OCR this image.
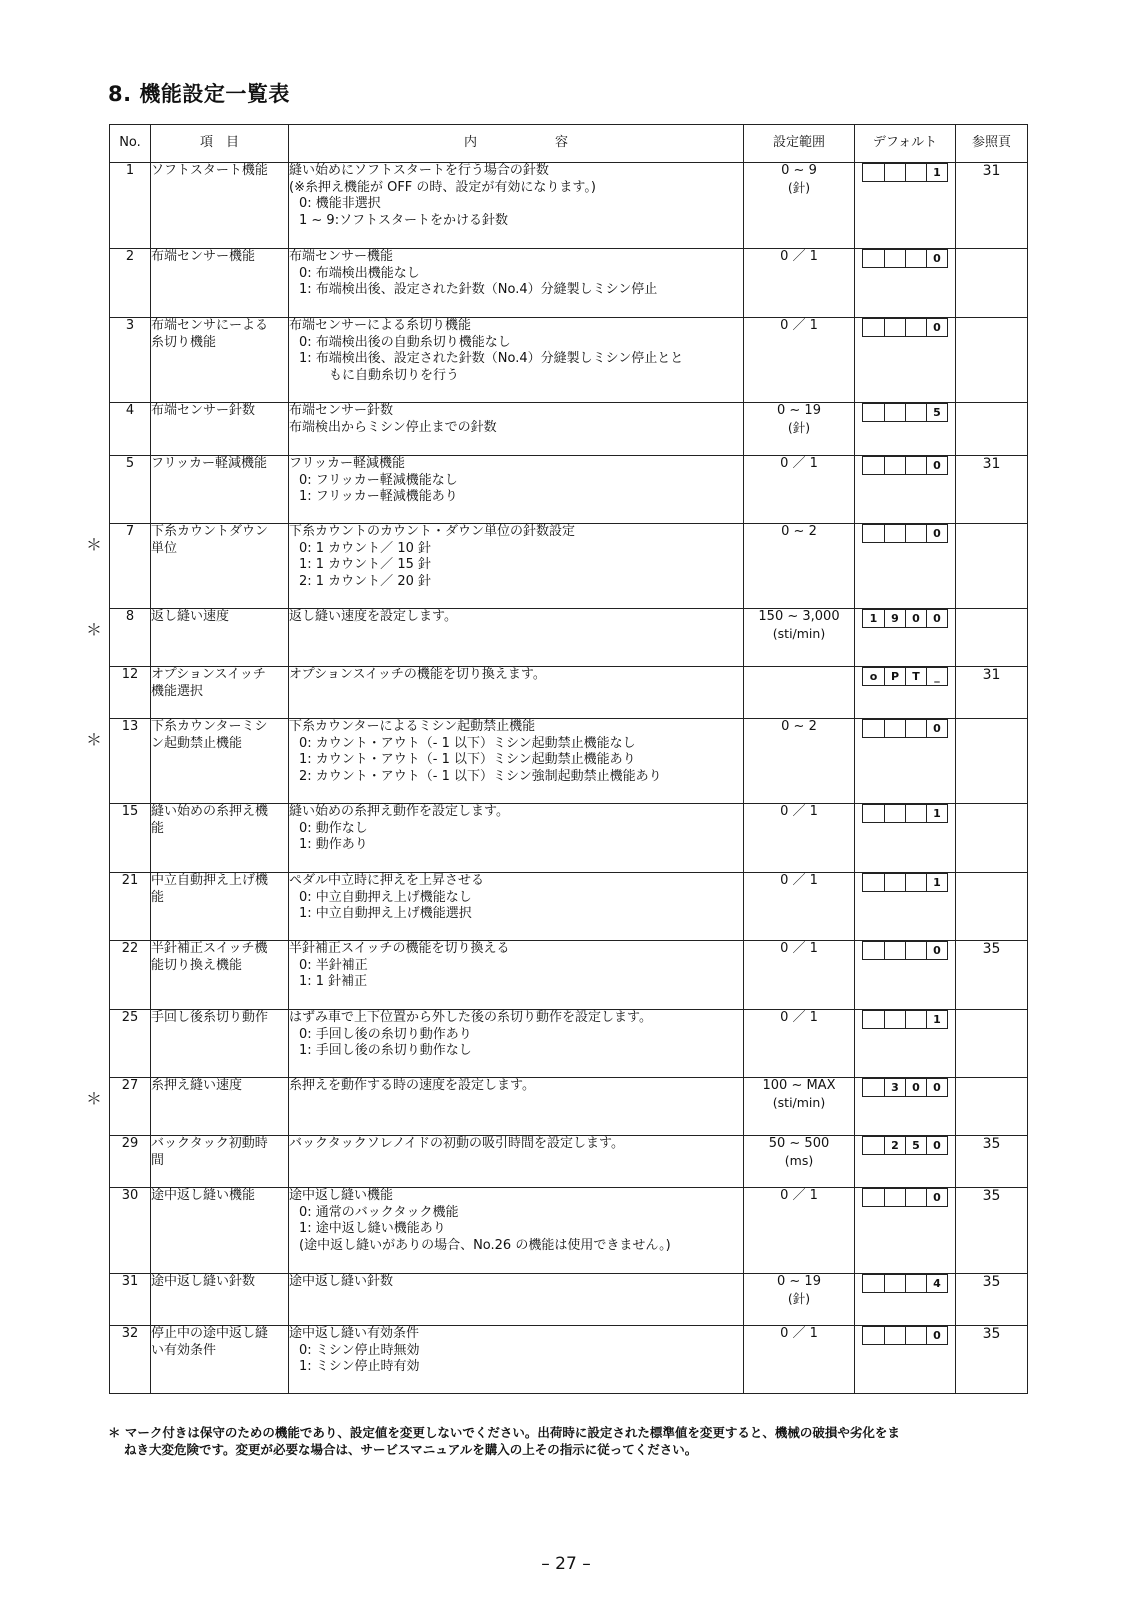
8. 機能設定一覧表
No.	項　目	内　　　　　　容	設定範囲	デフォルト	参照頁
1	ソフトスタート機能	縫い始めにソフトスタートを行う場合の針数
(※糸押え機能が OFF の時、設定が有効になります。)
0: 機能非選択
1 ~ 9:ソフトスタートをかける針数	0 ~ 9
(針)	1	31
2	布端センサー機能	布端センサー機能
0: 布端検出機能なし
1: 布端検出後、設定された針数（No.4）分縫製しミシン停止	0 ／ 1	0	

3	布端センサにーよる
糸切り機能	布端センサーによる糸切り機能
0: 布端検出後の自動糸切り機能なし
1: 布端検出後、設定された針数（No.4）分縫製しミシン停止とと
もに自動糸切りを行う	0 ／ 1	0	

4	布端センサー針数	布端センサー針数
布端検出からミシン停止までの針数	0 ~ 19
(針)	5	

5	フリッカー軽減機能	フリッカー軽減機能
0: フリッカー軽減機能なし
1: フリッカー軽減機能あり	0 ／ 1	0	31
7	下糸カウントダウン
単位	下糸カウントのカウント・ダウン単位の針数設定
0: 1 カウント／ 10 針
1: 1 カウント／ 15 針
2: 1 カウント／ 20 針	0 ~ 2	0	

8	返し縫い速度	返し縫い速度を設定します。	150 ~ 3,000
(sti/min)	1 9 0 0	

12	オプションスイッチ
機能選択	オプションスイッチの機能を切り換えます。		o P T _	31
13	下糸カウンターミシ
ン起動禁止機能	下糸カウンターによるミシン起動禁止機能
0: カウント・アウト（- 1 以下）ミシン起動禁止機能なし
1: カウント・アウト（- 1 以下）ミシン起動禁止機能あり
2: カウント・アウト（- 1 以下）ミシン強制起動禁止機能あり	0 ~ 2	0	

15	縫い始めの糸押え機
能	縫い始めの糸押え動作を設定します。
0: 動作なし
1: 動作あり	0 ／ 1	1	

21	中立自動押え上げ機
能	ペダル中立時に押えを上昇させる
0: 中立自動押え上げ機能なし
1: 中立自動押え上げ機能選択	0 ／ 1	1	

22	半針補正スイッチ機
能切り換え機能	半針補正スイッチの機能を切り換える
0: 半針補正
1: 1 針補正	0 ／ 1	0	35
25	手回し後糸切り動作	はずみ車で上下位置から外した後の糸切り動作を設定します。
0: 手回し後の糸切り動作あり
1: 手回し後の糸切り動作なし	0 ／ 1	1	

27	糸押え縫い速度	糸押えを動作する時の速度を設定します。	100 ~ MAX
(sti/min)	3 0 0	

29	バックタック初動時
間	バックタックソレノイドの初動の吸引時間を設定します。	50 ~ 500
(ms)	2 5 0	35
30	途中返し縫い機能	途中返し縫い機能
0: 通常のバックタック機能
1: 途中返し縫い機能あり
(途中返し縫いがありの場合、No.26 の機能は使用できません。)	0 ／ 1	0	35
31	途中返し縫い針数	途中返し縫い針数	0 ~ 19
(針)	4	35
32	停止中の途中返し縫
い有効条件	途中返し縫い有効条件
0: ミシン停止時無効
1: ミシン停止時有効	0 ／ 1	0	35
＊
＊
＊
＊
＊ マーク付きは保守のための機能であり、設定値を変更しないでください。出荷時に設定された標準値を変更すると、機械の破損や劣化をま
ねき大変危険です。変更が必要な場合は、サービスマニュアルを購入の上その指示に従ってください。
– 27 –
